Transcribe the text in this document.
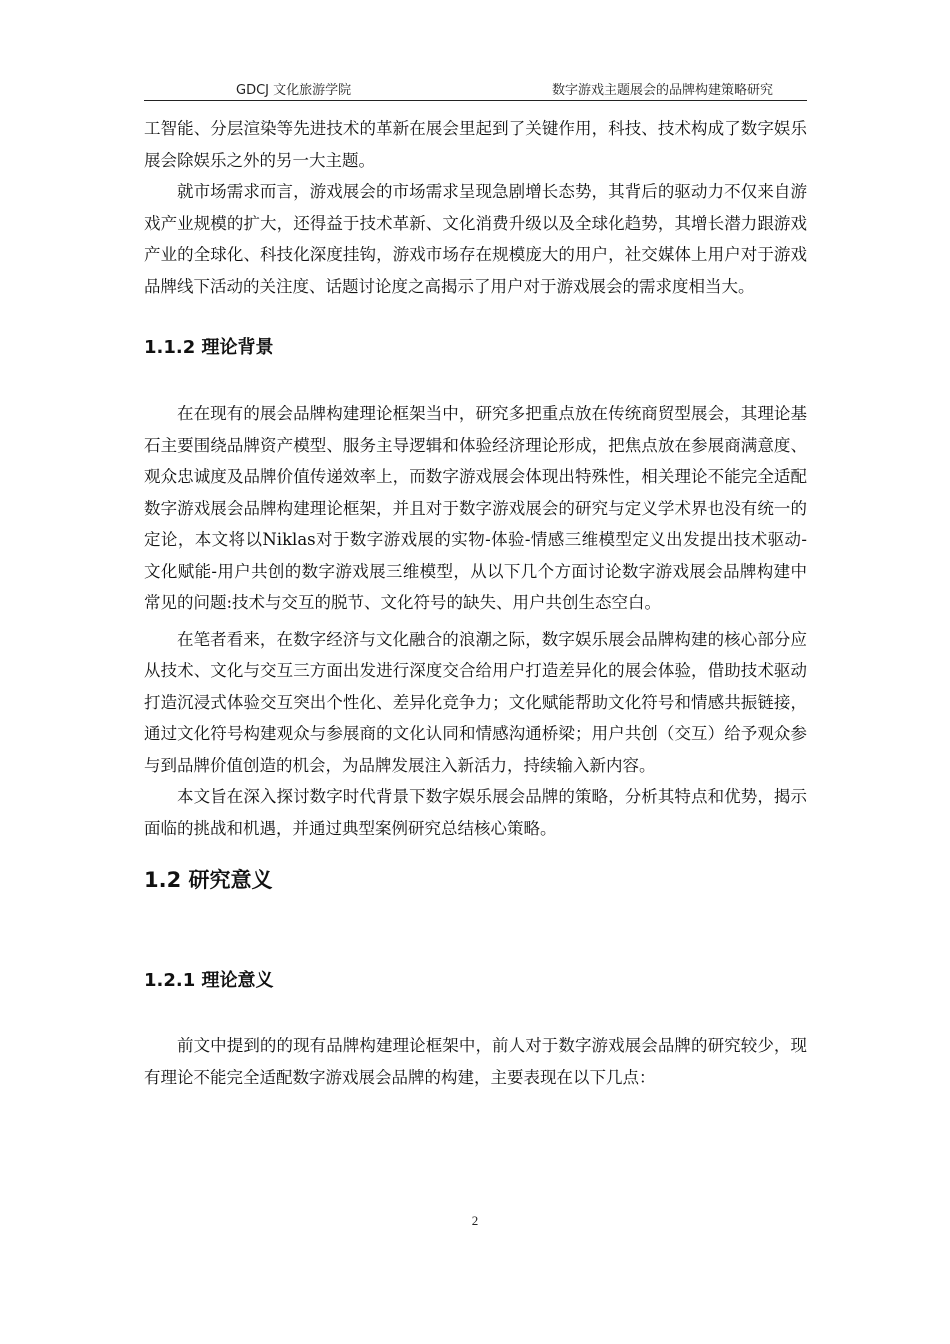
GDCJ 文化旅游学院	数字游戏主题展会的品牌构建策略研究

工智能、分层渲染等先进技术的革新在展会里起到了关键作用，科技、技术构成了数字娱乐展会除娱乐之外的另一大主题。

就市场需求而言，游戏展会的市场需求呈现急剧增长态势，其背后的驱动力不仅来自游戏产业规模的扩大，还得益于技术革新、文化消费升级以及全球化趋势，其增长潜力跟游戏产业的全球化、科技化深度挂钩，游戏市场存在规模庞大的用户，社交媒体上用户对于游戏品牌线下活动的关注度、话题讨论度之高揭示了用户对于游戏展会的需求度相当大。

1.1.2 理论背景

在在现有的展会品牌构建理论框架当中，研究多把重点放在传统商贸型展会，其理论基石主要围绕品牌资产模型、服务主导逻辑和体验经济理论形成，把焦点放在参展商满意度、观众忠诚度及品牌价值传递效率上，而数字游戏展会体现出特殊性，相关理论不能完全适配数字游戏展会品牌构建理论框架，并且对于数字游戏展会的研究与定义学术界也没有统一的定论，本文将以Niklas对于数字游戏展的实物-体验-情感三维模型定义出发提出技术驱动-文化赋能-用户共创的数字游戏展三维模型，从以下几个方面讨论数字游戏展会品牌构建中常见的问题:技术与交互的脱节、文化符号的缺失、用户共创生态空白。

在笔者看来，在数字经济与文化融合的浪潮之际，数字娱乐展会品牌构建的核心部分应从技术、文化与交互三方面出发进行深度交合给用户打造差异化的展会体验，借助技术驱动打造沉浸式体验交互突出个性化、差异化竞争力；文化赋能帮助文化符号和情感共振链接，通过文化符号构建观众与参展商的文化认同和情感沟通桥梁；用户共创（交互）给予观众参与到品牌价值创造的机会，为品牌发展注入新活力，持续输入新内容。

本文旨在深入探讨数字时代背景下数字娱乐展会品牌的策略，分析其特点和优势，揭示面临的挑战和机遇，并通过典型案例研究总结核心策略。

1.2 研究意义
1.2.1 理论意义

前文中提到的的现有品牌构建理论框架中，前人对于数字游戏展会品牌的研究较少，现有理论不能完全适配数字游戏展会品牌的构建，主要表现在以下几点：

2
